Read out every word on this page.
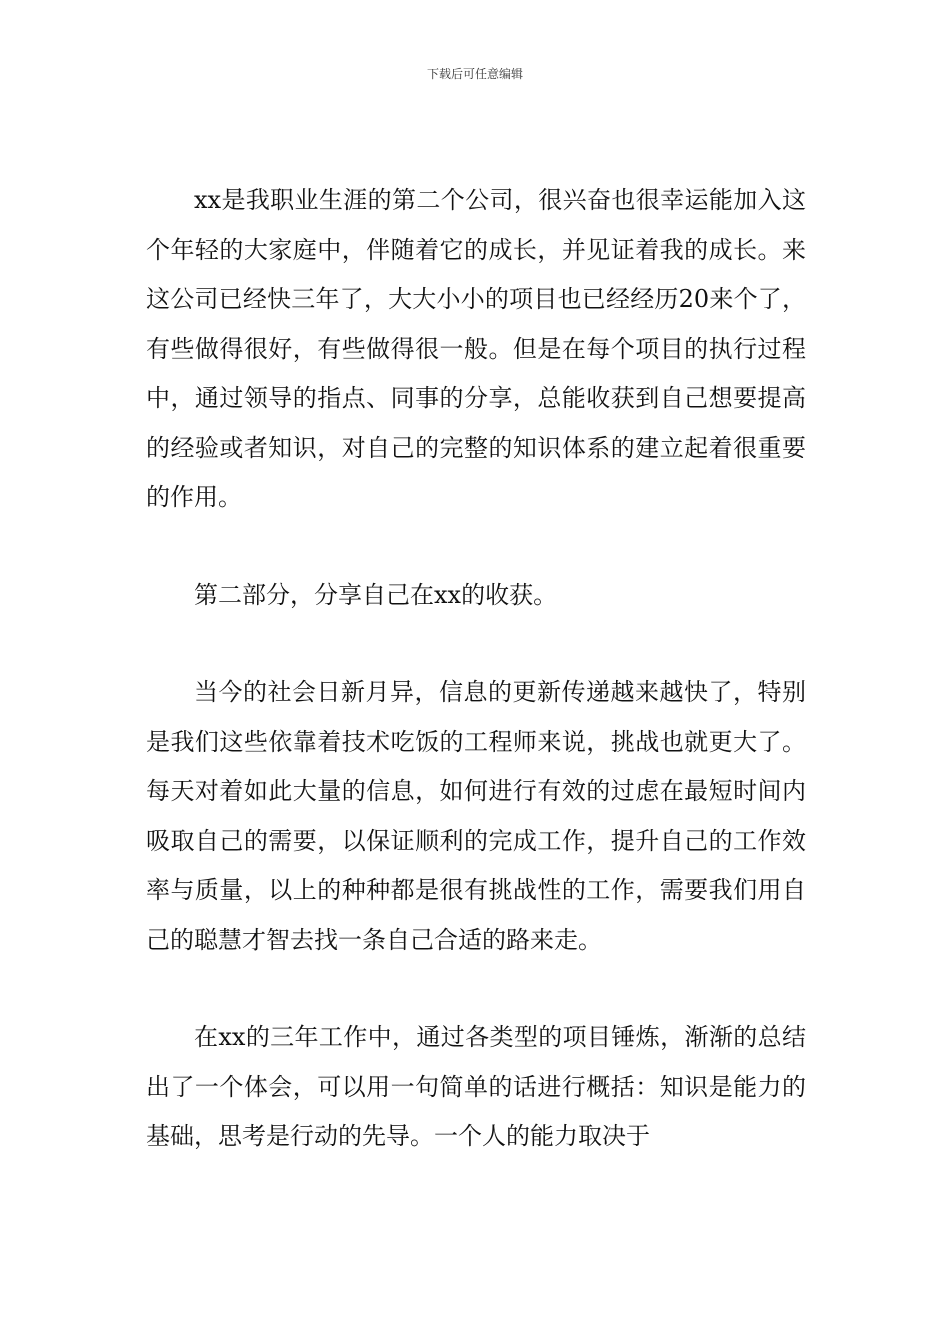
下载后可任意编辑

xx是我职业生涯的第二个公司，很兴奋也很幸运能加入这个年轻的大家庭中，伴随着它的成长，并见证着我的成长。来这公司已经快三年了，大大小小的项目也已经经历20来个了，有些做得很好，有些做得很一般。但是在每个项目的执行过程中，通过领导的指点、同事的分享，总能收获到自己想要提高的经验或者知识，对自己的完整的知识体系的建立起着很重要的作用。

第二部分，分享自己在xx的收获。

当今的社会日新月异，信息的更新传递越来越快了，特别是我们这些依靠着技术吃饭的工程师来说，挑战也就更大了。每天对着如此大量的信息，如何进行有效的过虑在最短时间内吸取自己的需要，以保证顺利的完成工作，提升自己的工作效率与质量，以上的种种都是很有挑战性的工作，需要我们用自己的聪慧才智去找一条自己合适的路来走。

在xx的三年工作中，通过各类型的项目锤炼，渐渐的总结出了一个体会，可以用一句简单的话进行概括：知识是能力的基础，思考是行动的先导。一个人的能力取决于
